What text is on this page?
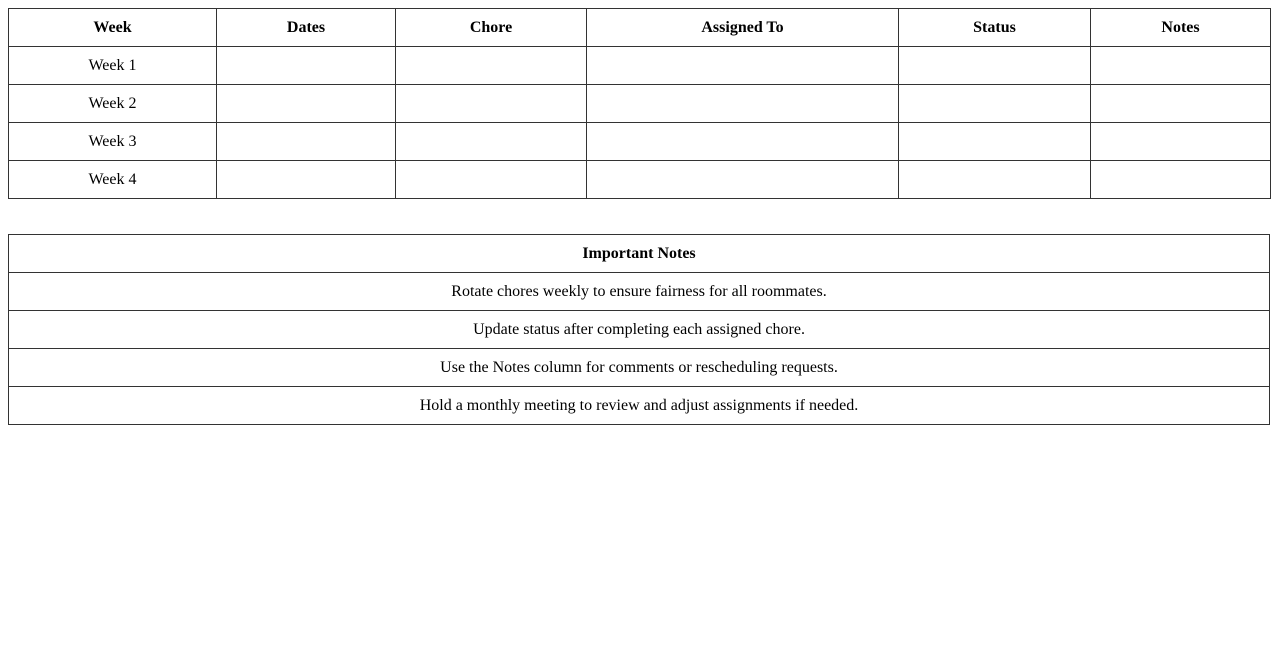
Week	Dates	Chore	Assigned To	Status	Notes
Week 1					
Week 2					
Week 3					
Week 4					
Important Notes
Rotate chores weekly to ensure fairness for all roommates.
Update status after completing each assigned chore.
Use the Notes column for comments or rescheduling requests.
Hold a monthly meeting to review and adjust assignments if needed.
